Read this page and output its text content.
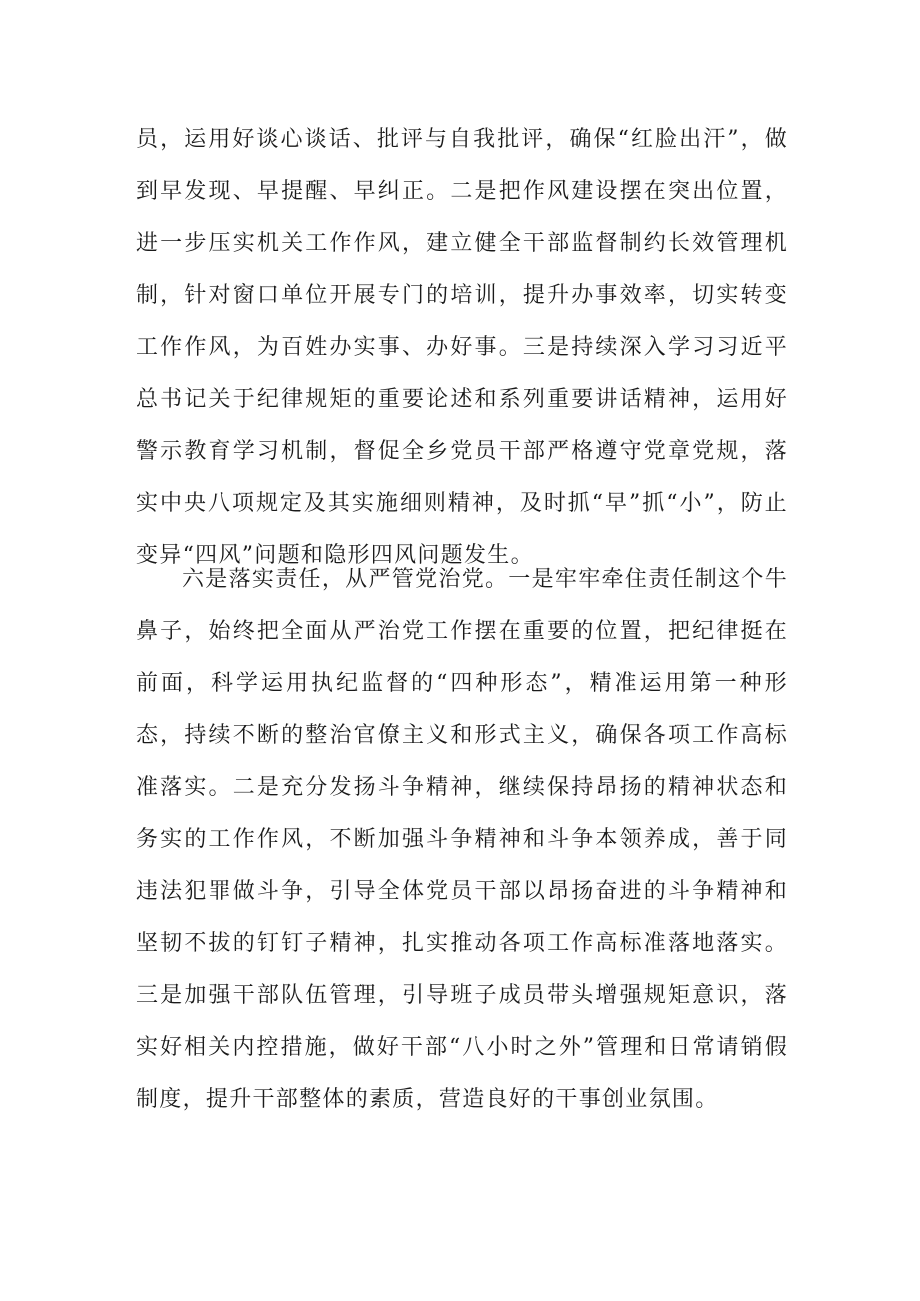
员，运用好谈心谈话、批评与自我批评，确保“红脸出汗”，做到早发现、早提醒、早纠正。二是把作风建设摆在突出位置，进一步压实机关工作作风，建立健全干部监督制约长效管理机制，针对窗口单位开展专门的培训，提升办事效率，切实转变工作作风，为百姓办实事、办好事。三是持续深入学习习近平总书记关于纪律规矩的重要论述和系列重要讲话精神，运用好警示教育学习机制，督促全乡党员干部严格遵守党章党规，落实中央八项规定及其实施细则精神，及时抓“早”抓“小”，防止变异“四风”问题和隐形四风问题发生。

六是落实责任，从严管党治党。一是牢牢牵住责任制这个牛鼻子，始终把全面从严治党工作摆在重要的位置，把纪律挺在前面，科学运用执纪监督的“四种形态”，精准运用第一种形态，持续不断的整治官僚主义和形式主义，确保各项工作高标准落实。二是充分发扬斗争精神，继续保持昂扬的精神状态和务实的工作作风，不断加强斗争精神和斗争本领养成，善于同违法犯罪做斗争，引导全体党员干部以昂扬奋进的斗争精神和坚韧不拔的钉钉子精神，扎实推动各项工作高标准落地落实。三是加强干部队伍管理，引导班子成员带头增强规矩意识，落实好相关内控措施，做好干部“八小时之外”管理和日常请销假制度，提升干部整体的素质，营造良好的干事创业氛围。
